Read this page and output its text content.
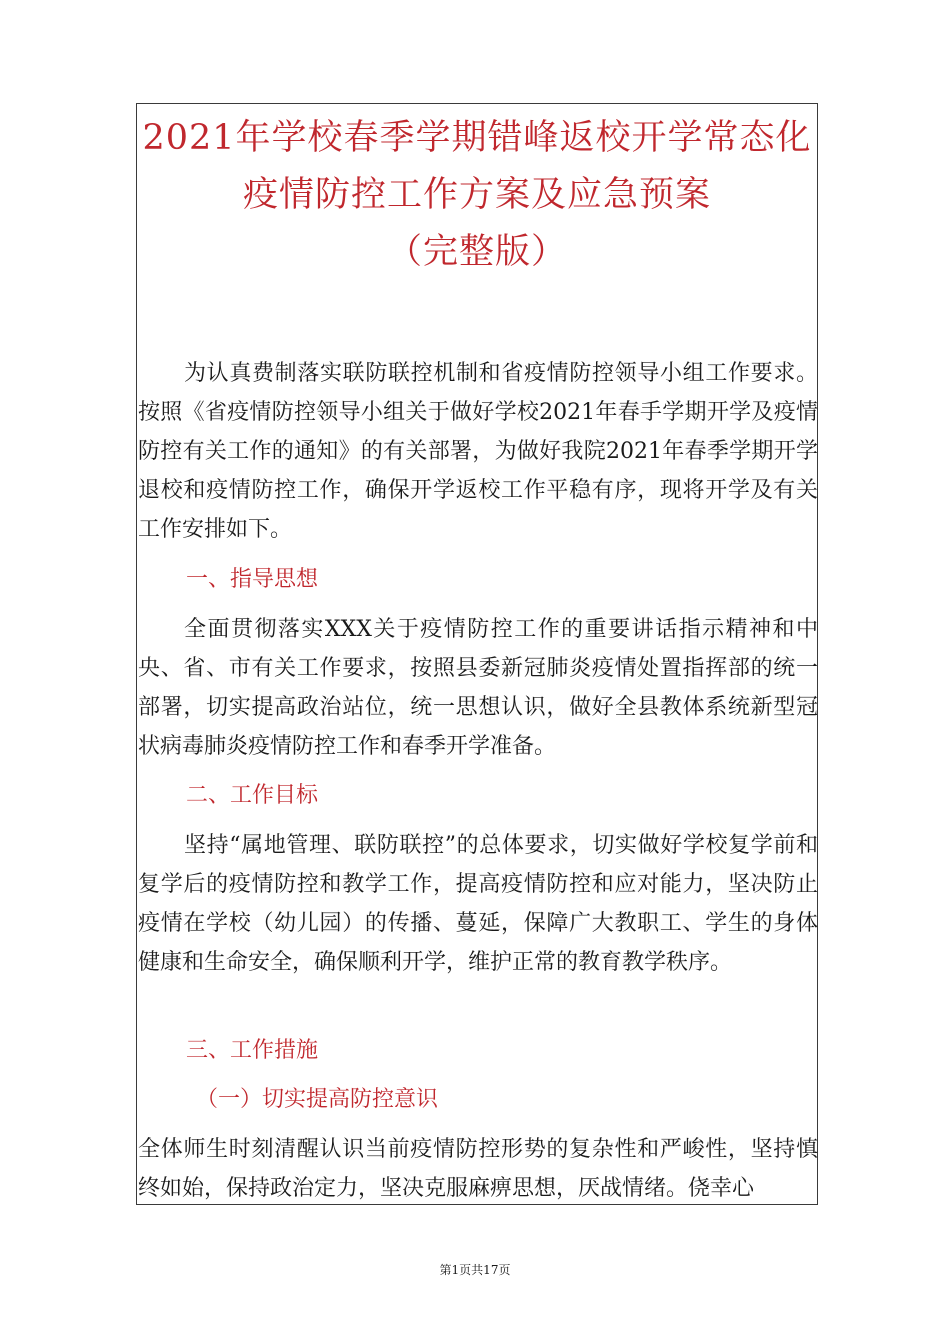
2021年学校春季学期错峰返校开学常态化
疫情防控工作方案及应急预案
（完整版）

为认真费制落实联防联控机制和省疫情防控领导小组工作要求。按照《省疫情防控领导小组关于做好学校2021年春手学期开学及疫情防控有关工作的通知》的有关部署，为做好我院2021年春季学期开学退校和疫情防控工作，确保开学返校工作平稳有序，现将开学及有关工作安排如下。

一、指导思想

全面贯彻落实XXX关于疫情防控工作的重要讲话指示精神和中央、省、市有关工作要求，按照县委新冠肺炎疫情处置指挥部的统一部署，切实提高政治站位，统一思想认识，做好全县教体系统新型冠状病毒肺炎疫情防控工作和春季开学准备。

二、工作目标

坚持“属地管理、联防联控”的总体要求，切实做好学校复学前和复学后的疫情防控和教学工作，提高疫情防控和应对能力，坚决防止疫情在学校（幼儿园）的传播、蔓延，保障广大教职工、学生的身体健康和生命安全，确保顺利开学，维护正常的教育教学秩序。

三、工作措施
（一）切实提高防控意识

全体师生时刻清醒认识当前疫情防控形势的复杂性和严峻性，坚持慎终如始，保持政治定力，坚决克服麻痹思想，厌战情绪。侥幸心

第1页共17页
